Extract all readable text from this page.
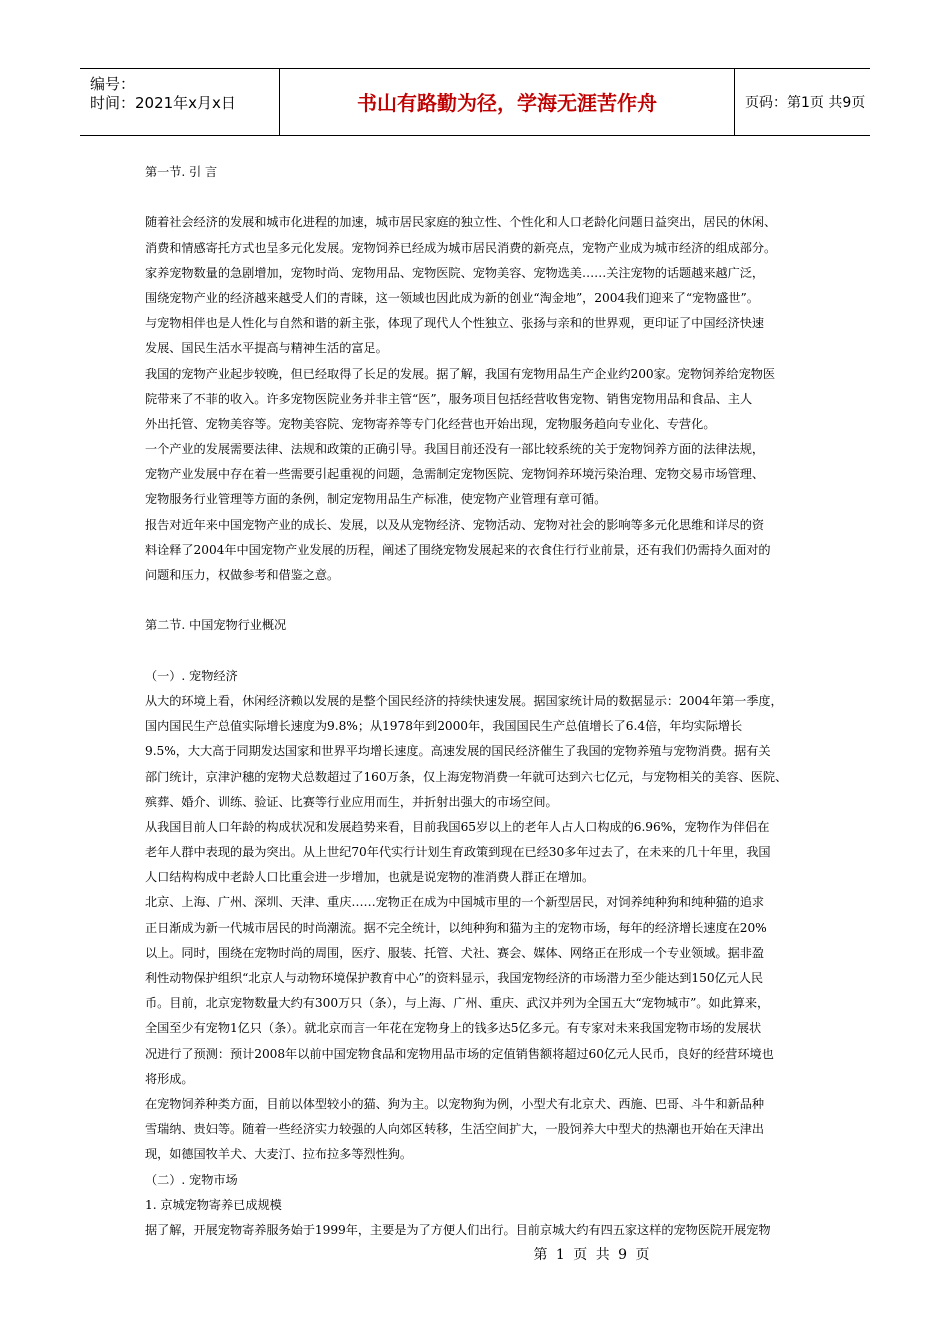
编号：
时间：2021年x月x日	书山有路勤为径，学海无涯苦作舟	页码：第1页 共9页
第一节. 引 言
随着社会经济的发展和城市化进程的加速，城市居民家庭的独立性、个性化和人口老龄化问题日益突出，居民的休闲、
消费和情感寄托方式也呈多元化发展。宠物饲养已经成为城市居民消费的新亮点，宠物产业成为城市经济的组成部分。
家养宠物数量的急剧增加，宠物时尚、宠物用品、宠物医院、宠物美容、宠物选美……关注宠物的话题越来越广泛，
围绕宠物产业的经济越来越受人们的青睐，这一领域也因此成为新的创业“淘金地”，2004我们迎来了“宠物盛世”。
与宠物相伴也是人性化与自然和谐的新主张，体现了现代人个性独立、张扬与亲和的世界观，更印证了中国经济快速
发展、国民生活水平提高与精神生活的富足。
我国的宠物产业起步较晚，但已经取得了长足的发展。据了解，我国有宠物用品生产企业约200家。宠物饲养给宠物医
院带来了不菲的收入。许多宠物医院业务并非主管“医”，服务项目包括经营收售宠物、销售宠物用品和食品、主人
外出托管、宠物美容等。宠物美容院、宠物寄养等专门化经营也开始出现，宠物服务趋向专业化、专营化。
一个产业的发展需要法律、法规和政策的正确引导。我国目前还没有一部比较系统的关于宠物饲养方面的法律法规，
宠物产业发展中存在着一些需要引起重视的问题，急需制定宠物医院、宠物饲养环境污染治理、宠物交易市场管理、
宠物服务行业管理等方面的条例，制定宠物用品生产标准，使宠物产业管理有章可循。
报告对近年来中国宠物产业的成长、发展，以及从宠物经济、宠物活动、宠物对社会的影响等多元化思维和详尽的资
料诠释了2004年中国宠物产业发展的历程，阐述了围绕宠物发展起来的衣食住行行业前景，还有我们仍需持久面对的
问题和压力，权做参考和借鉴之意。
第二节. 中国宠物行业概况
（一）. 宠物经济
从大的环境上看，休闲经济赖以发展的是整个国民经济的持续快速发展。据国家统计局的数据显示：2004年第一季度，
国内国民生产总值实际增长速度为9.8%；从1978年到2000年，我国国民生产总值增长了6.4倍，年均实际增长
9.5%，大大高于同期发达国家和世界平均增长速度。高速发展的国民经济催生了我国的宠物养殖与宠物消费。据有关
部门统计，京津沪穗的宠物犬总数超过了160万条，仅上海宠物消费一年就可达到六七亿元，与宠物相关的美容、医院、
殡葬、婚介、训练、验证、比赛等行业应用而生，并折射出强大的市场空间。
从我国目前人口年龄的构成状况和发展趋势来看，目前我国65岁以上的老年人占人口构成的6.96%，宠物作为伴侣在
老年人群中表现的最为突出。从上世纪70年代实行计划生育政策到现在已经30多年过去了，在未来的几十年里，我国
人口结构构成中老龄人口比重会进一步增加，也就是说宠物的准消费人群正在增加。
北京、上海、广州、深圳、天津、重庆……宠物正在成为中国城市里的一个新型居民，对饲养纯种狗和纯种猫的追求
正日渐成为新一代城市居民的时尚潮流。据不完全统计，以纯种狗和猫为主的宠物市场，每年的经济增长速度在20%
以上。同时，围绕在宠物时尚的周围，医疗、服装、托管、犬社、赛会、媒体、网络正在形成一个专业领域。据非盈
利性动物保护组织“北京人与动物环境保护教育中心”的资料显示，我国宠物经济的市场潜力至少能达到150亿元人民
币。目前，北京宠物数量大约有300万只（条），与上海、广州、重庆、武汉并列为全国五大“宠物城市”。如此算来，
全国至少有宠物1亿只（条）。就北京而言一年花在宠物身上的钱多达5亿多元。有专家对未来我国宠物市场的发展状
况进行了预测：预计2008年以前中国宠物食品和宠物用品市场的定值销售额将超过60亿元人民币，良好的经营环境也
将形成。
在宠物饲养种类方面，目前以体型较小的猫、狗为主。以宠物狗为例，小型犬有北京犬、西施、巴哥、斗牛和新品种
雪瑞纳、贵妇等。随着一些经济实力较强的人向郊区转移，生活空间扩大，一股饲养大中型犬的热潮也开始在天津出
现，如德国牧羊犬、大麦汀、拉布拉多等烈性狗。
（二）. 宠物市场
1. 京城宠物寄养已成规模
据了解，开展宠物寄养服务始于1999年，主要是为了方便人们出行。目前京城大约有四五家这样的宠物医院开展宠物
第 1 页 共 9 页
